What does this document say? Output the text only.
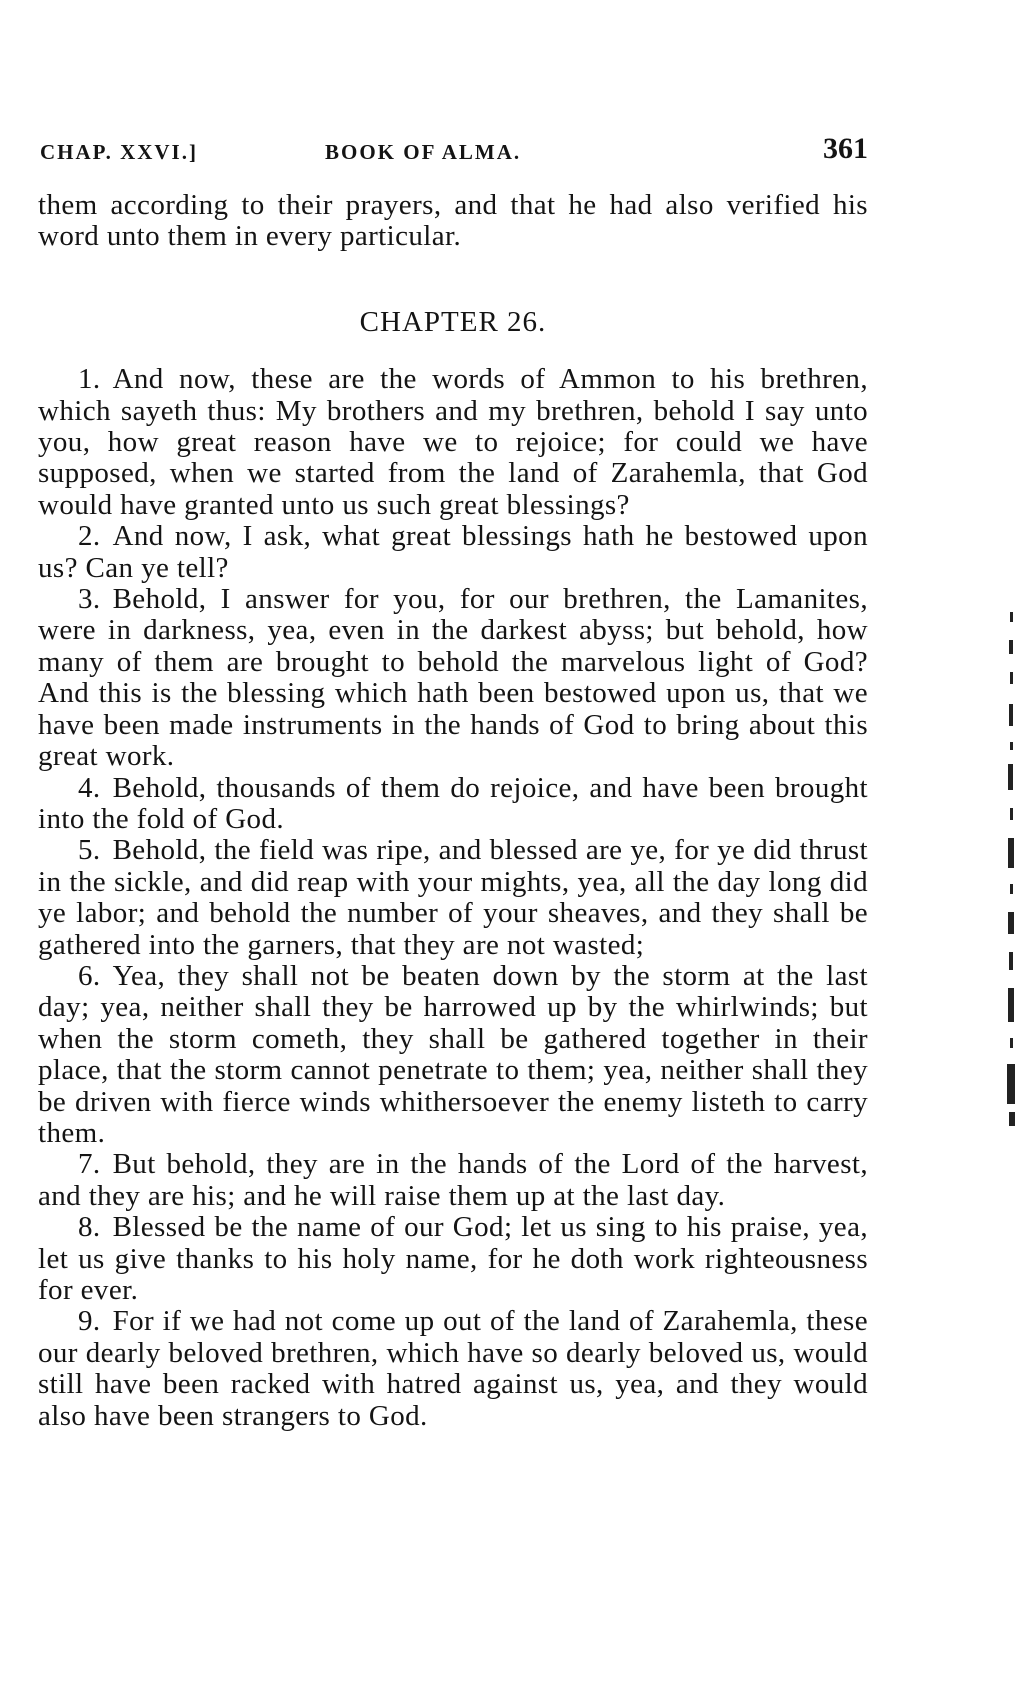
CHAP. XXVI.]	BOOK OF ALMA.	361

them according to their prayers, and that he had also verified his word unto them in every particular.

CHAPTER 26.

1. And now, these are the words of Ammon to his brethren, which sayeth thus: My brothers and my brethren, behold I say unto you, how great reason have we to rejoice; for could we have supposed, when we started from the land of Zarahemla, that God would have granted unto us such great blessings?

2. And now, I ask, what great blessings hath he bestowed upon us? Can ye tell?

3. Behold, I answer for you, for our brethren, the Lamanites, were in darkness, yea, even in the darkest abyss; but behold, how many of them are brought to behold the marvelous light of God? And this is the blessing which hath been bestowed upon us, that we have been made instruments in the hands of God to bring about this great work.

4. Behold, thousands of them do rejoice, and have been brought into the fold of God.

5. Behold, the field was ripe, and blessed are ye, for ye did thrust in the sickle, and did reap with your mights, yea, all the day long did ye labor; and behold the number of your sheaves, and they shall be gathered into the garners, that they are not wasted;

6. Yea, they shall not be beaten down by the storm at the last day; yea, neither shall they be harrowed up by the whirlwinds; but when the storm cometh, they shall be gathered together in their place, that the storm cannot penetrate to them; yea, neither shall they be driven with fierce winds whithersoever the enemy listeth to carry them.

7. But behold, they are in the hands of the Lord of the harvest, and they are his; and he will raise them up at the last day.

8. Blessed be the name of our God; let us sing to his praise, yea, let us give thanks to his holy name, for he doth work righteousness for ever.

9. For if we had not come up out of the land of Zarahemla, these our dearly beloved brethren, which have so dearly beloved us, would still have been racked with hatred against us, yea, and they would also have been strangers to God.
